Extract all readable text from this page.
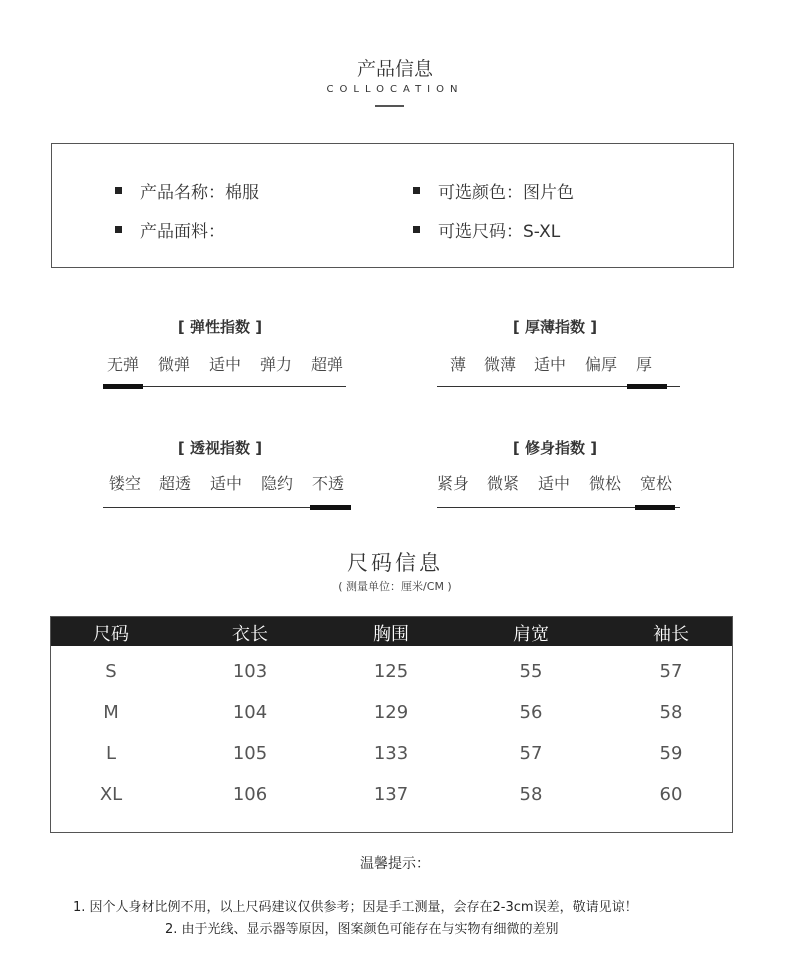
产品信息
COLLOCATION
产品名称：棉服
产品面料：
可选颜色：图片色
可选尺码：S-XL
[ 弹性指数 ]
无弹 微弹 适中 弹力 超弹
[ 厚薄指数 ]
薄 微薄 适中 偏厚 厚
[ 透视指数 ]
镂空 超透 适中 隐约 不透
[ 修身指数 ]
紧身 微紧 适中 微松 宽松
尺码信息
( 测量单位：厘米/CM )
尺码	衣长	胸围	肩宽	袖长
S	103	125	55	57
M	104	129	56	58
L	105	133	57	59
XL	106	137	58	60
温馨提示：
1. 因个人身材比例不用，以上尺码建议仅供参考；因是手工测量，会存在2-3cm误差，敬请见谅！
2. 由于光线、显示器等原因，图案颜色可能存在与实物有细微的差别
